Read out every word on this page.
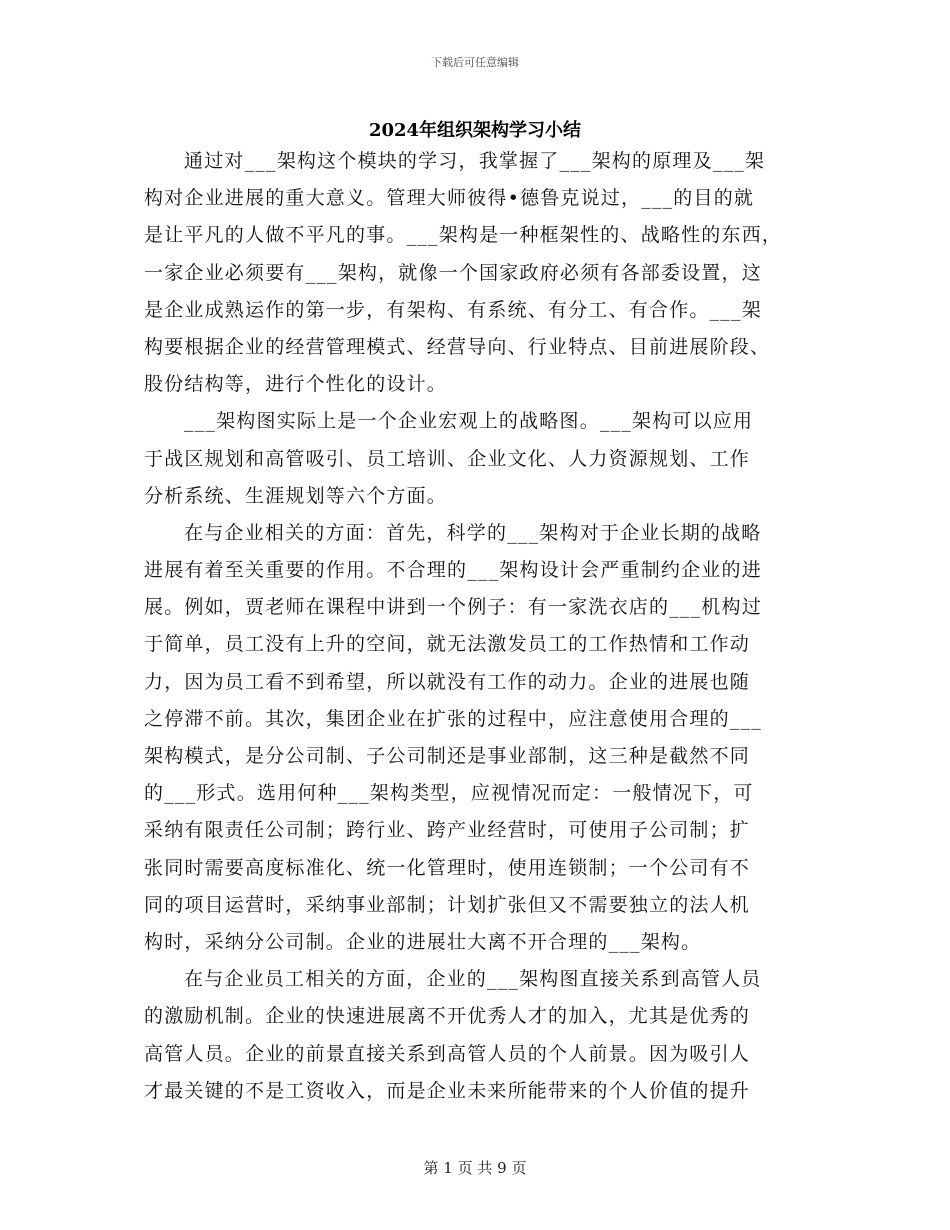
下载后可任意编辑
2024年组织架构学习小结
通过对___架构这个模块的学习，我掌握了___架构的原理及___架
构对企业进展的重大意义。管理大师彼得•德鲁克说过，___的目的就
是让平凡的人做不平凡的事。___架构是一种框架性的、战略性的东西，
一家企业必须要有___架构，就像一个国家政府必须有各部委设置，这
是企业成熟运作的第一步，有架构、有系统、有分工、有合作。___架
构要根据企业的经营管理模式、经营导向、行业特点、目前进展阶段、
股份结构等，进行个性化的设计。
___架构图实际上是一个企业宏观上的战略图。___架构可以应用
于战区规划和高管吸引、员工培训、企业文化、人力资源规划、工作
分析系统、生涯规划等六个方面。
在与企业相关的方面：首先，科学的___架构对于企业长期的战略
进展有着至关重要的作用。不合理的___架构设计会严重制约企业的进
展。例如，贾老师在课程中讲到一个例子：有一家洗衣店的___机构过
于简单，员工没有上升的空间，就无法激发员工的工作热情和工作动
力，因为员工看不到希望，所以就没有工作的动力。企业的进展也随
之停滞不前。其次，集团企业在扩张的过程中，应注意使用合理的___
架构模式，是分公司制、子公司制还是事业部制，这三种是截然不同
的___形式。选用何种___架构类型，应视情况而定：一般情况下，可
采纳有限责任公司制；跨行业、跨产业经营时，可使用子公司制；扩
张同时需要高度标准化、统一化管理时，使用连锁制；一个公司有不
同的项目运营时，采纳事业部制；计划扩张但又不需要独立的法人机
构时，采纳分公司制。企业的进展壮大离不开合理的___架构。
在与企业员工相关的方面，企业的___架构图直接关系到高管人员
的激励机制。企业的快速进展离不开优秀人才的加入，尤其是优秀的
高管人员。企业的前景直接关系到高管人员的个人前景。因为吸引人
才最关键的不是工资收入，而是企业未来所能带来的个人价值的提升
第 1 页 共 9 页
